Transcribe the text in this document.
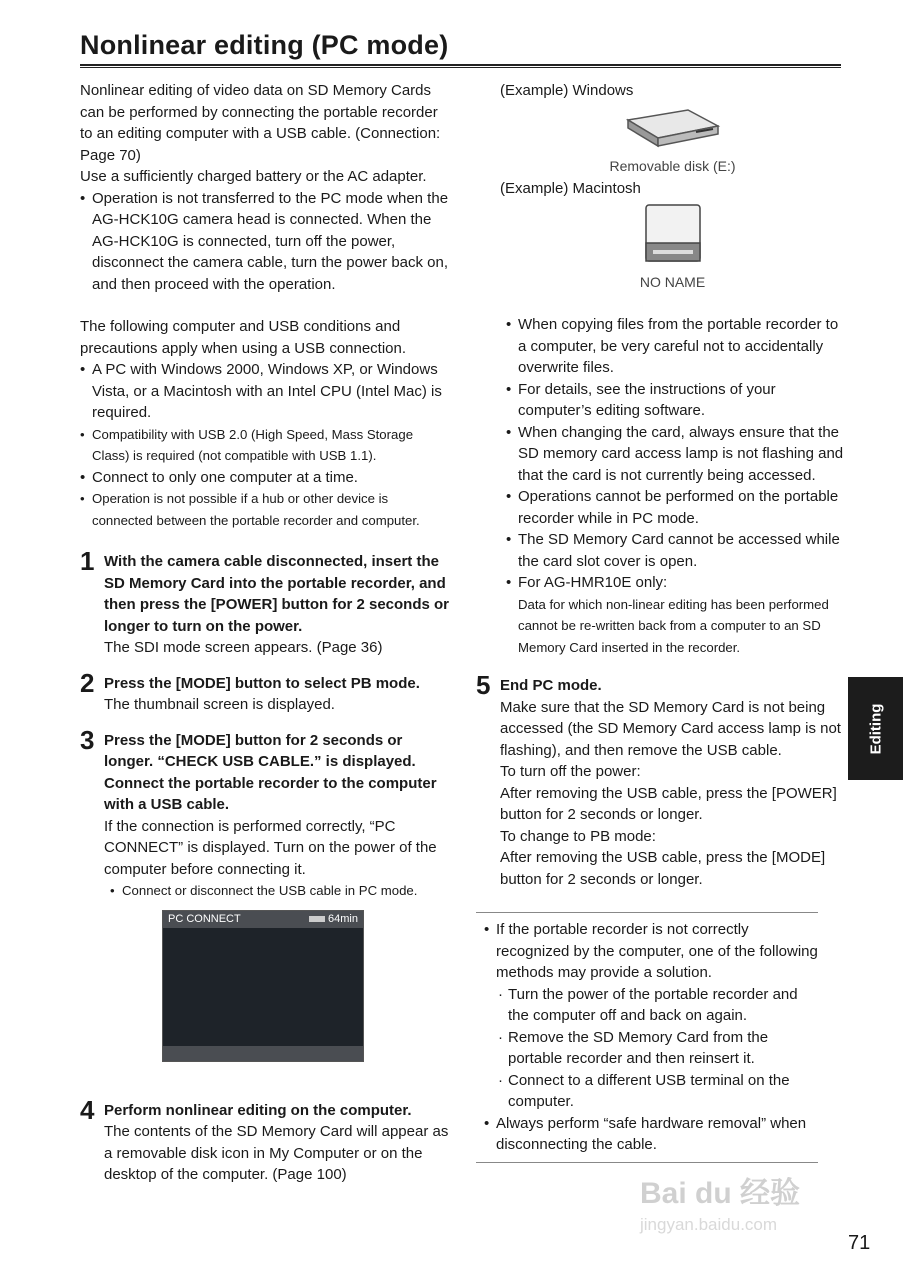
Nonlinear editing (PC mode)

Nonlinear editing of video data on SD Memory Cards can be performed by connecting the portable recorder to an editing computer with a USB cable. (Connection: Page 70)

Use a sufficiently charged battery or the AC adapter.

• Operation is not transferred to the PC mode when the AG-HCK10G camera head is connected. When the AG-HCK10G is connected, turn off the power, disconnect the camera cable, turn the power back on, and then proceed with the operation.

The following computer and USB conditions and precautions apply when using a USB connection.

• A PC with Windows 2000, Windows XP, or Windows Vista, or a Macintosh with an Intel CPU (Intel Mac) is required.

• Compatibility with USB 2.0 (High Speed, Mass Storage Class) is required (not compatible with USB 1.1).

• Connect to only one computer at a time.

• Operation is not possible if a hub or other device is connected between the portable recorder and computer.

1 With the camera cable disconnected, insert the SD Memory Card into the portable recorder, and then press the [POWER] button for 2 seconds or longer to turn on the power.

The SDI mode screen appears. (Page 36)

2 Press the [MODE] button to select PB mode.

The thumbnail screen is displayed.

3 Press the [MODE] button for 2 seconds or longer. “CHECK USB CABLE.” is displayed. Connect the portable recorder to the computer with a USB cable.

If the connection is performed correctly, “PC CONNECT” is displayed. Turn on the power of the computer before connecting it.

• Connect or disconnect the USB cable in PC mode.

PC CONNECT	64min
4 Perform nonlinear editing on the computer.

The contents of the SD Memory Card will appear as a removable disk icon in My Computer or on the desktop of the computer. (Page 100)

(Example) Windows

Removable disk (E:)

(Example) Macintosh

NO NAME

• When copying files from the portable recorder to a computer, be very careful not to accidentally overwrite files.

• For details, see the instructions of your computer’s editing software.

• When changing the card, always ensure that the SD memory card access lamp is not flashing and that the card is not currently being accessed.

• Operations cannot be performed on the portable recorder while in PC mode.

• The SD Memory Card cannot be accessed while the card slot cover is open.

• For AG-HMR10E only:

Data for which non-linear editing has been performed cannot be re-written back from a computer to an SD Memory Card inserted in the recorder.

5 End PC mode.

Make sure that the SD Memory Card is not being accessed (the SD Memory Card access lamp is not flashing), and then remove the USB cable.

To turn off the power:

After removing the USB cable, press the [POWER] button for 2 seconds or longer.

To change to PB mode:

After removing the USB cable, press the [MODE] button for 2 seconds or longer.

• If the portable recorder is not correctly recognized by the computer, one of the following methods may provide a solution.

· Turn the power of the portable recorder and the computer off and back on again.

· Remove the SD Memory Card from the portable recorder and then reinsert it.

· Connect to a different USB terminal on the computer.

• Always perform “safe hardware removal” when disconnecting the cable.

Editing
Bai du 经验
jingyan.baidu.com
71
